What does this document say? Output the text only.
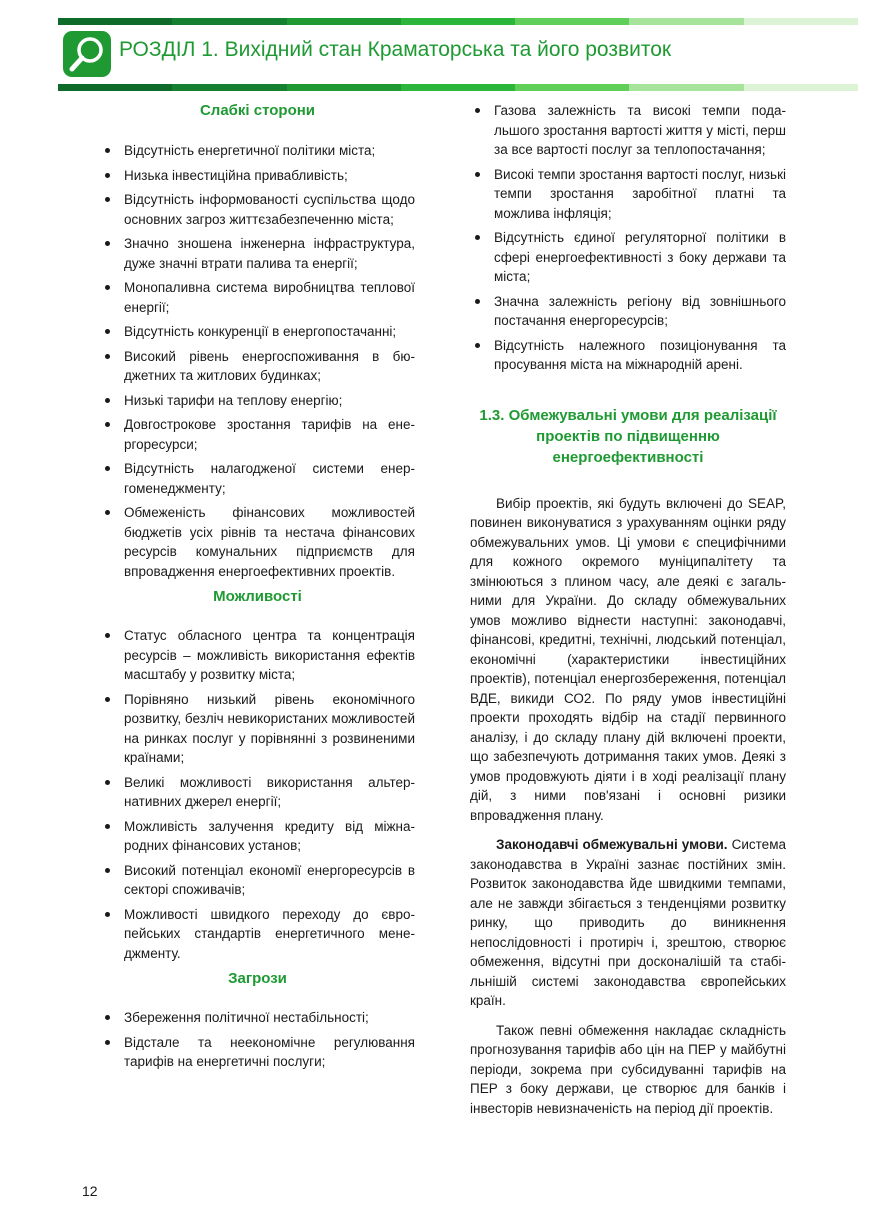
РОЗДІЛ 1. Вихідний стан Краматорська та його розвиток
Слабкі сторони
Відсутність енергетичної політики міста;
Низька інвестиційна привабливість;
Відсутність інформованості суспільства щодо основних загроз життєзабезпеченню міста;
Значно зношена інженерна інфраструктура, дуже значні втрати палива та енергії;
Монопаливна система виробництва теплової енергії;
Відсутність конкуренції в енергопостачанні;
Високий рівень енергоспоживання в бюджетних та житлових будинках;
Низькі тарифи на теплову енергію;
Довгострокове зростання тарифів на енергоресурси;
Відсутність налагодженої системи енергоменеджменту;
Обмеженість фінансових можливостей бюджетів усіх рівнів та нестача фінансових ресурсів комунальних підприємств для впровадження енергоефективних проектів.
Можливості
Статус обласного центра та концентрація ресурсів – можливість використання ефектів масштабу у розвитку міста;
Порівняно низький рівень економічного розвитку, безліч невикористаних можливостей на ринках послуг у порівнянні з розвиненими країнами;
Великі можливості використання альтернативних джерел енергії;
Можливість залучення кредиту від міжнародних фінансових установ;
Високий потенціал економії енергоресурсів в секторі споживачів;
Можливості швидкого переходу до європейських стандартів енергетичного менеджменту.
Загрози
Збереження політичної нестабільності;
Відсталe та неекономічне регулювання тарифів на енергетичні послуги;
Газова залежність та високі темпи подальшого зростання вартості життя у місті, перш за все вартості послуг за теплопостачання;
Високі темпи зростання вартості послуг, низькі темпи зростання заробітної платні та можлива інфляція;
Відсутність єдиної регуляторної політики в сфері енергоефективності з боку держави та міста;
Значна залежність регіону від зовнішнього постачання енергоресурсів;
Відсутність належного позиціонування та просування міста на міжнародній арені.
1.3. Обмежувальні умови для реалізації проектів по підвищенню енергоефективності

Вибір проектів, які будуть включені до SEAP, повинен виконуватися з урахуванням оцінки ряду обмежувальних умов. Ці умови є специфічними для кожного окремого муніципалітету та змінюються з плином часу, але деякі є загальними для України. До складу обмежувальних умов можливо віднести наступні: законодавчі, фінансові, кредитні, технічні, людський потенціал, економічні (характеристики інвестиційних проектів), потенціал енергозбереження, потенціал ВДЕ, викиди СО2. По ряду умов інвестиційні проекти проходять відбір на стадії первинного аналізу, і до складу плану дій включені проекти, що забезпечують дотримання таких умов. Деякі з умов продовжують діяти і в ході реалізації плану дій, з ними пов'язані і основні ризики впровадження плану.

Законодавчі обмежувальні умови. Система законодавства в Україні зазнає постійних змін. Розвиток законодавства йде швидкими темпами, але не завжди збігається з тенденціями розвитку ринку, що приводить до виникнення непослідовності і протиріч і, зрештою, створює обмеження, відсутні при досконалішій та стабільнішій системі законодавства європейських країн.

Також певні обмеження накладає складність прогнозування тарифів або цін на ПЕР у майбутні періоди, зокрема при субсидуванні тарифів на ПЕР з боку держави, це створює для банків і інвесторів невизначеність на період дії проектів.

12
